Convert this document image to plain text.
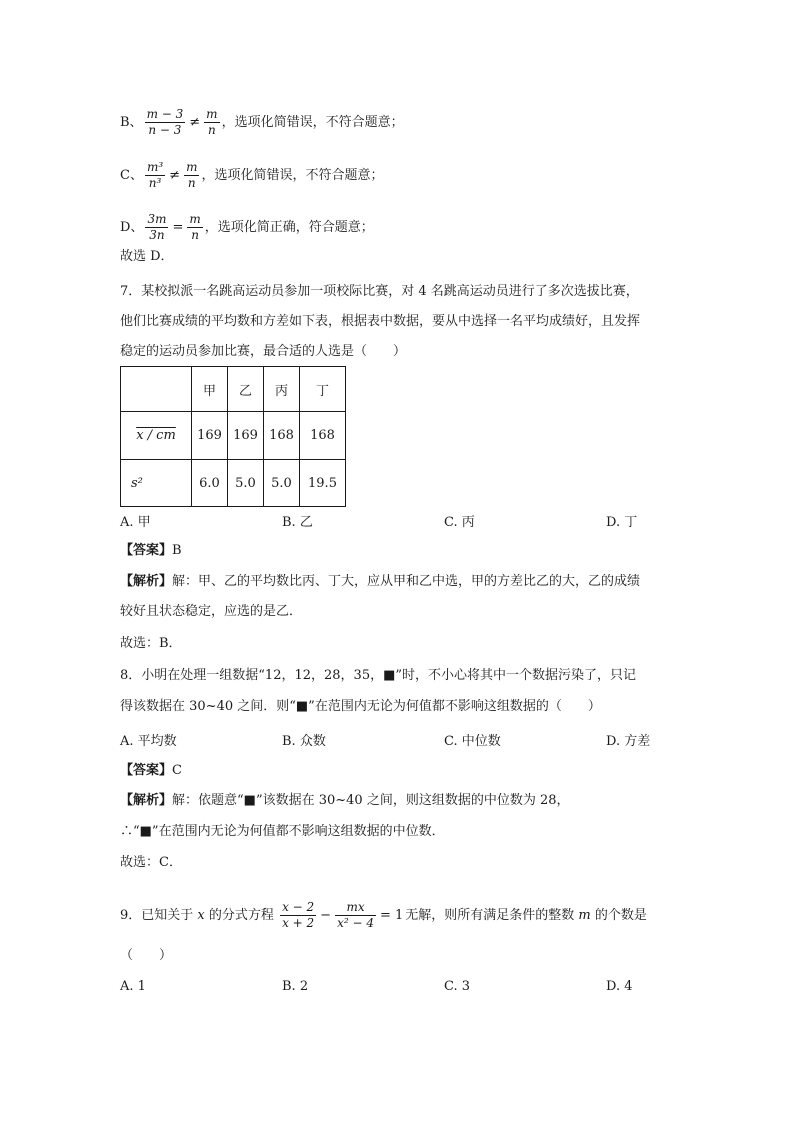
B、 $\frac{m - 3}{n - 3} \ne \frac{m}{n}$ ，选项化简错误，不符合题意；
C、 $\frac{\text{m³}}{\text{n³}} \ne \frac{m}{n}$ ，选项化简错误，不符合题意；
D、 $\frac{3m}{3n} = \frac{m}{n}$ ，选项化简正确，符合题意；
故选 D．
7．某校拟派一名跳高运动员参加一项校际比赛，对 4 名跳高运动员进行了多次选拔比赛，
他们比赛成绩的平均数和方差如下表，根据表中数据，要从中选择一名平均成绩好，且发挥
稳定的运动员参加比赛，最合适的人选是（　　）
	甲	乙	丙	丁
x / cm	169	169	168	168
s²	6.0	5.0	5.0	19.5
A. 甲	B. 乙	C. 丙	D. 丁
【答案】B
【解析】解：甲、乙的平均数比丙、丁大，应从甲和乙中选，甲的方差比乙的大，乙的成绩
较好且状态稳定，应选的是乙．
故选：B．
8．小明在处理一组数据“12，12，28，35，■”时，不小心将其中一个数据污染了，只记
得该数据在 30~40 之间．则“■”在范围内无论为何值都不影响这组数据的（　　）
A. 平均数	B. 众数	C. 中位数	D. 方差
【答案】C
【解析】解：依题意“■”该数据在 30~40 之间，则这组数据的中位数为 28，
∴“■”在范围内无论为何值都不影响这组数据的中位数．
故选：C．
9．已知关于 x 的分式方程 $\frac{x - 2}{x + 2} - \frac{mx}{\text{x² − 4}} = 1$ 无解，则所有满足条件的整数 m 的个数是
（　　）
A. 1	B. 2	C. 3	D. 4
